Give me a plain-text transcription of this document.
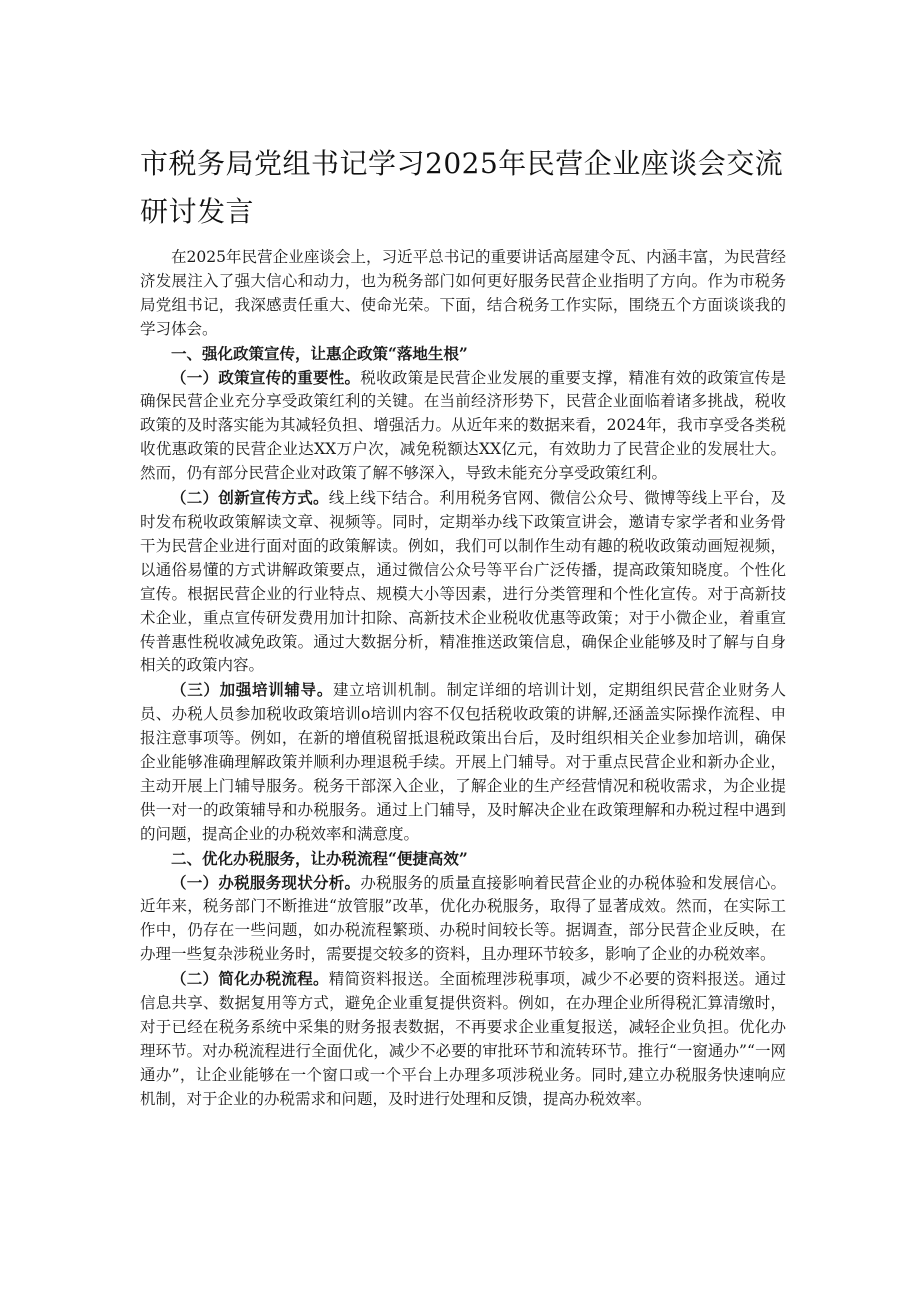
市税务局党组书记学习2025年民营企业座谈会交流
研讨发言

在2025年民营企业座谈会上，习近平总书记的重要讲话高屋建令瓦、内涵丰富，为民营经济发展注入了强大信心和动力，也为税务部门如何更好服务民营企业指明了方向。作为市税务局党组书记，我深感责任重大、使命光荣。下面，结合税务工作实际，围绕五个方面谈谈我的学习体会。

一、强化政策宣传，让惠企政策“落地生根”

（一）政策宣传的重要性。税收政策是民营企业发展的重要支撑，精准有效的政策宣传是确保民营企业充分享受政策红利的关键。在当前经济形势下，民营企业面临着诸多挑战，税收政策的及时落实能为其减轻负担、增强活力。从近年来的数据来看，2024年，我市享受各类税收优惠政策的民营企业达XX万户次，减免税额达XX亿元，有效助力了民营企业的发展壮大。然而，仍有部分民营企业对政策了解不够深入，导致未能充分享受政策红利。

（二）创新宣传方式。线上线下结合。利用税务官网、微信公众号、微博等线上平台，及时发布税收政策解读文章、视频等。同时，定期举办线下政策宣讲会，邀请专家学者和业务骨干为民营企业进行面对面的政策解读。例如，我们可以制作生动有趣的税收政策动画短视频，以通俗易懂的方式讲解政策要点，通过微信公众号等平台广泛传播，提高政策知晓度。个性化宣传。根据民营企业的行业特点、规模大小等因素，进行分类管理和个性化宣传。对于高新技术企业，重点宣传研发费用加计扣除、高新技术企业税收优惠等政策；对于小微企业，着重宣传普惠性税收减免政策。通过大数据分析，精准推送政策信息，确保企业能够及时了解与自身相关的政策内容。

（三）加强培训辅导。建立培训机制。制定详细的培训计划，定期组织民营企业财务人员、办税人员参加税收政策培训o培训内容不仅包括税收政策的讲解,还涵盖实际操作流程、申报注意事项等。例如，在新的增值税留抵退税政策出台后，及时组织相关企业参加培训，确保企业能够准确理解政策并顺利办理退税手续。开展上门辅导。对于重点民营企业和新办企业，主动开展上门辅导服务。税务干部深入企业，了解企业的生产经营情况和税收需求，为企业提供一对一的政策辅导和办税服务。通过上门辅导，及时解决企业在政策理解和办税过程中遇到的问题，提高企业的办税效率和满意度。

二、优化办税服务，让办税流程“便捷高效”

（一）办税服务现状分析。办税服务的质量直接影响着民营企业的办税体验和发展信心。近年来，税务部门不断推进“放管服”改革，优化办税服务，取得了显著成效。然而，在实际工作中，仍存在一些问题，如办税流程繁琐、办税时间较长等。据调查，部分民营企业反映，在办理一些复杂涉税业务时，需要提交较多的资料，且办理环节较多，影响了企业的办税效率。

（二）简化办税流程。精简资料报送。全面梳理涉税事项，减少不必要的资料报送。通过信息共享、数据复用等方式，避免企业重复提供资料。例如，在办理企业所得税汇算清缴时，对于已经在税务系统中采集的财务报表数据，不再要求企业重复报送，减轻企业负担。优化办理环节。对办税流程进行全面优化，减少不必要的审批环节和流转环节。推行“一窗通办”“一网通办”，让企业能够在一个窗口或一个平台上办理多项涉税业务。同时,建立办税服务快速响应机制，对于企业的办税需求和问题，及时进行处理和反馈，提高办税效率。
